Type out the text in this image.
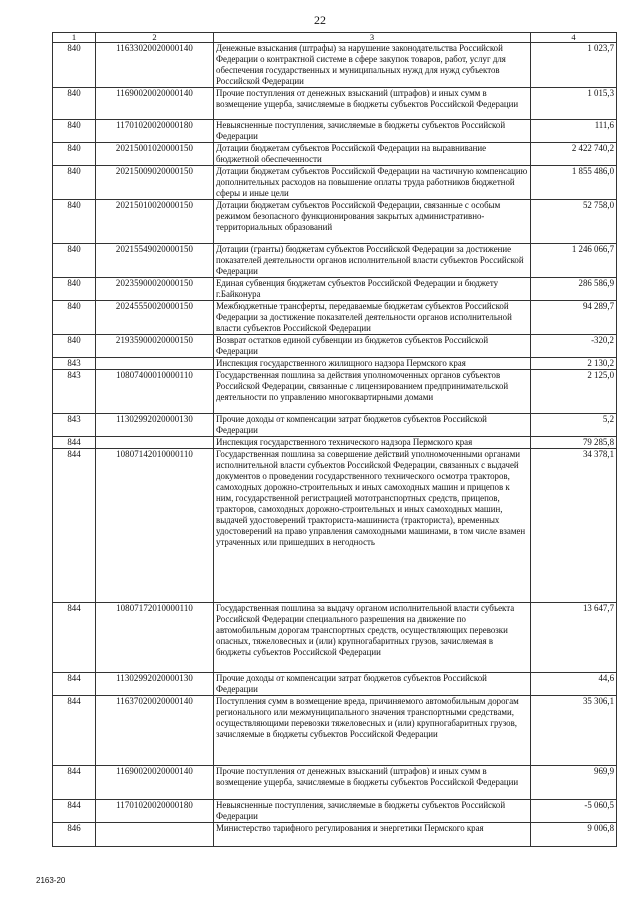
22
1	2	3	4
840	11633020020000140	Денежные взыскания (штрафы) за нарушение законодательства Российской Федерации о контрактной системе в сфере закупок товаров, работ, услуг для обеспечения государственных и муниципальных нужд для нужд субъектов Российской Федерации	1 023,7
840	11690020020000140	Прочие поступления от денежных взысканий (штрафов) и иных сумм в возмещение ущерба, зачисляемые в бюджеты субъектов Российской Федерации	1 015,3
840	11701020020000180	Невыясненные поступления, зачисляемые в бюджеты субъектов Российской Федерации	111,6
840	20215001020000150	Дотации бюджетам субъектов Российской Федерации на выравнивание бюджетной обеспеченности	2 422 740,2
840	20215009020000150	Дотации бюджетам субъектов Российской Федерации на частичную компенсацию дополнительных расходов на повышение оплаты труда работников бюджетной сферы и иные цели	1 855 486,0
840	20215010020000150	Дотации бюджетам субъектов Российской Федерации, связанные с особым режимом безопасного функционирования закрытых административно-территориальных образований	52 758,0
840	20215549020000150	Дотации (гранты) бюджетам субъектов Российской Федерации за достижение показателей деятельности органов исполнительной власти субъектов Российской Федерации	1 246 066,7
840	20235900020000150	Единая субвенция бюджетам субъектов Российской Федерации и бюджету г.Байконура	286 586,9
840	20245550020000150	Межбюджетные трансферты, передаваемые бюджетам субъектов Российской Федерации за достижение показателей деятельности органов исполнительной власти субъектов Российской Федерации	94 289,7
840	21935900020000150	Возврат остатков единой субвенции из бюджетов субъектов Российской Федерации	-320,2
843		Инспекция государственного жилищного надзора Пермского края	2 130,2
843	10807400010000110	Государственная пошлина за действия уполномоченных органов субъектов Российской Федерации, связанные с лицензированием предпринимательской деятельности по управлению многоквартирными домами	2 125,0
843	11302992020000130	Прочие доходы от компенсации затрат бюджетов субъектов Российской Федерации	5,2
844		Инспекция государственного технического надзора Пермского края	79 285,8
844	10807142010000110	Государственная пошлина за совершение действий уполномоченными органами исполнительной власти субъектов Российской Федерации, связанных с выдачей документов о проведении государственного технического осмотра тракторов, самоходных дорожно-строительных и иных самоходных машин и прицепов к ним, государственной регистрацией мототранспортных средств, прицепов, тракторов, самоходных дорожно-строительных и иных самоходных машин, выдачей удостоверений тракториста-машиниста (тракториста), временных удостоверений на право управления самоходными машинами, в том числе взамен утраченных или пришедших в негодность	34 378,1
844	10807172010000110	Государственная пошлина за выдачу органом исполнительной власти субъекта Российской Федерации специального разрешения на движение по автомобильным дорогам транспортных средств, осуществляющих перевозки опасных, тяжеловесных и (или) крупногабаритных грузов, зачисляемая в бюджеты субъектов Российской Федерации	13 647,7
844	11302992020000130	Прочие доходы от компенсации затрат бюджетов субъектов Российской Федерации	44,6
844	11637020020000140	Поступления сумм в возмещение вреда, причиняемого автомобильным дорогам регионального или межмуниципального значения транспортными средствами, осуществляющими перевозки тяжеловесных и (или) крупногабаритных грузов, зачисляемые в бюджеты субъектов Российской Федерации	35 306,1
844	11690020020000140	Прочие поступления от денежных взысканий (штрафов) и иных сумм в возмещение ущерба, зачисляемые в бюджеты субъектов Российской Федерации	969,9
844	11701020020000180	Невыясненные поступления, зачисляемые в бюджеты субъектов Российской Федерации	-5 060,5
846		Министерство тарифного регулирования и энергетики Пермского края	9 006,8
2163-20
